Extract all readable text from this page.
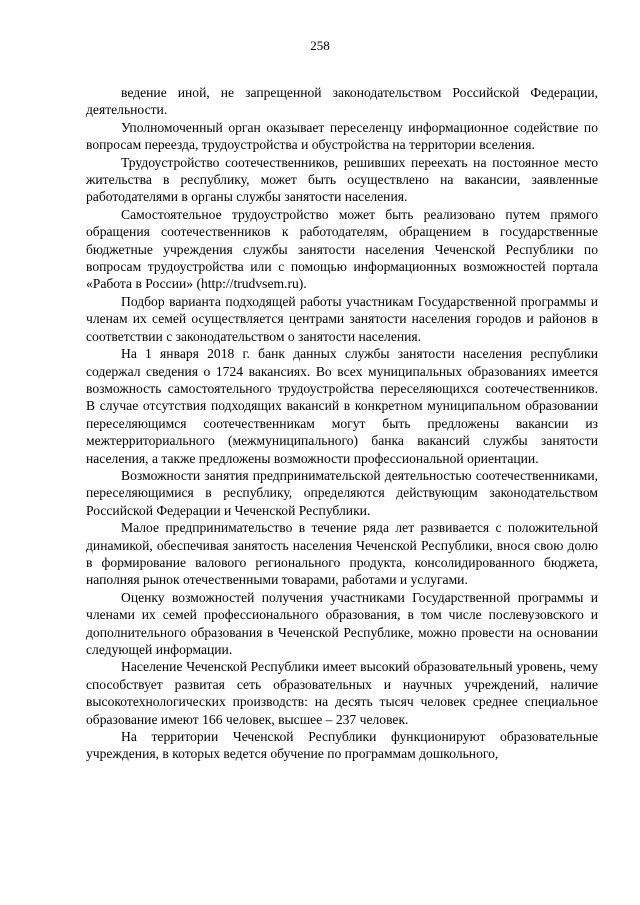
258

ведение иной, не запрещенной законодательством Российской Федерации, деятельности.

Уполномоченный орган оказывает переселенцу информационное содействие по вопросам переезда, трудоустройства и обустройства на территории вселения.

Трудоустройство соотечественников, решивших переехать на постоянное место жительства в республику, может быть осуществлено на вакансии, заявленные работодателями в органы службы занятости населения.

Самостоятельное трудоустройство может быть реализовано путем прямого обращения соотечественников к работодателям, обращением в государственные бюджетные учреждения службы занятости населения Чеченской Республики по вопросам трудоустройства или с помощью информационных возможностей портала «Работа в России» (http://trudvsem.ru).

Подбор варианта подходящей работы участникам Государственной программы и членам их семей осуществляется центрами занятости населения городов и районов в соответствии с законодательством о занятости населения.

На 1 января 2018 г. банк данных службы занятости населения республики содержал сведения о 1724 вакансиях. Во всех муниципальных образованиях имеется возможность самостоятельного трудоустройства переселяющихся соотечественников. В случае отсутствия подходящих вакансий в конкретном муниципальном образовании переселяющимся соотечественникам могут быть предложены вакансии из межтерриториального (межмуниципального) банка вакансий службы занятости населения, а также предложены возможности профессиональной ориентации.

Возможности занятия предпринимательской деятельностью соотечественниками, переселяющимися в республику, определяются действующим законодательством Российской Федерации и Чеченской Республики.

Малое предпринимательство в течение ряда лет развивается с положительной динамикой, обеспечивая занятость населения Чеченской Республики, внося свою долю в формирование валового регионального продукта, консолидированного бюджета, наполняя рынок отечественными товарами, работами и услугами.

Оценку возможностей получения участниками Государственной программы и членами их семей профессионального образования, в том числе послевузовского и дополнительного образования в Чеченской Республике, можно провести на основании следующей информации.

Население Чеченской Республики имеет высокий образовательный уровень, чему способствует развитая сеть образовательных и научных учреждений, наличие высокотехнологических производств: на десять тысяч человек среднее специальное образование имеют 166 человек, высшее – 237 человек.

На территории Чеченской Республики функционируют образовательные учреждения, в которых ведется обучение по программам дошкольного,
